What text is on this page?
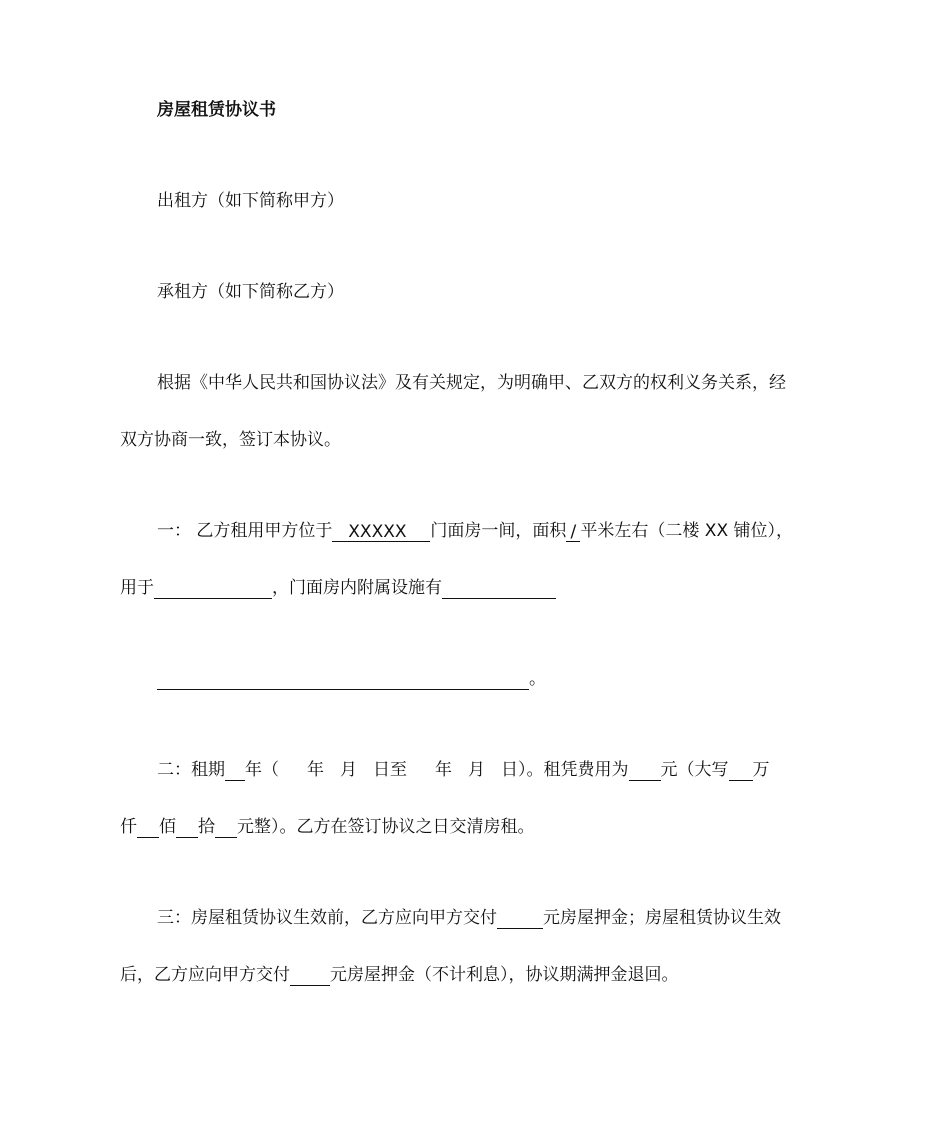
房屋租赁协议书
出租方（如下简称甲方）
承租方（如下简称乙方）
根据《中华人民共和国协议法》及有关规定，为明确甲、乙双方的权利义务关系，经
双方协商一致，签订本协议。
一： 乙方租用甲方位于 XXXXX 门面房一间，面积 / 平米左右（二楼 XX 铺位），
用于	，门面房内附属设施有
。
二：租期 年（ 年 月 日至 年 月 日）。租凭费用为 元（大写 万
仟 佰 拾 元整）。乙方在签订协议之日交清房租。
三：房屋租赁协议生效前，乙方应向甲方交付	元房屋押金；房屋租赁协议生效
后，乙方应向甲方交付 元房屋押金（不计利息），协议期满押金退回。
